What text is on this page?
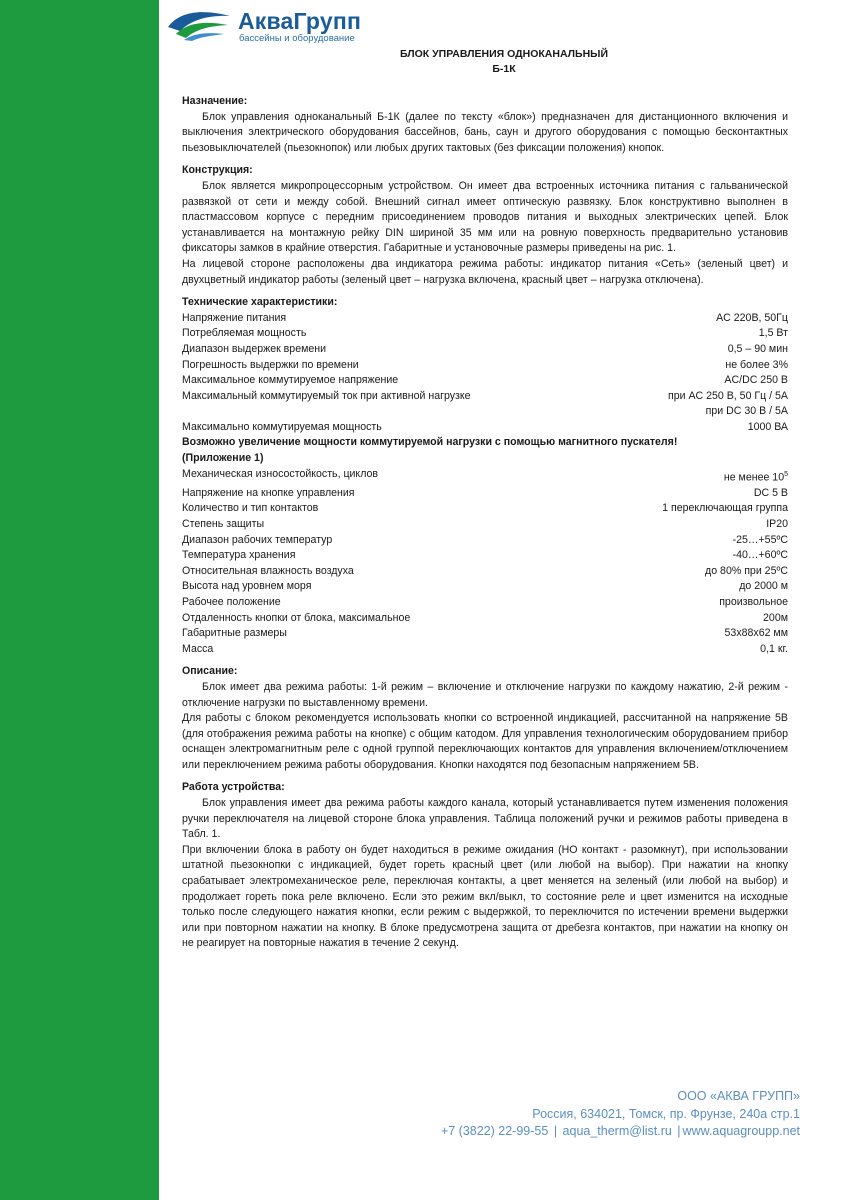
АкваГрупп
бассейны и оборудование
БЛОК УПРАВЛЕНИЯ ОДНОКАНАЛЬНЫЙ
Б-1К
Назначение:
Блок управления одноканальный Б-1К (далее по тексту «блок») предназначен для дистанционного включения и выключения электрического оборудования бассейнов, бань, саун и другого оборудования с помощью бесконтактных пьезовыключателей (пьезокнопок) или любых других тактовых (без фиксации положения) кнопок.
Конструкция:
Блок является микропроцессорным устройством. Он имеет два встроенных источника питания с гальванической развязкой от сети и между собой. Внешний сигнал имеет оптическую развязку. Блок конструктивно выполнен в пластмассовом корпусе с передним присоединением проводов питания и выходных электрических цепей. Блок устанавливается на монтажную рейку DIN шириной 35 мм или на ровную поверхность предварительно установив фиксаторы замков в крайние отверстия. Габаритные и установочные размеры приведены на рис. 1.
На лицевой стороне расположены два индикатора режима работы: индикатор питания «Сеть» (зеленый цвет) и двухцветный индикатор работы (зеленый цвет – нагрузка включена, красный цвет – нагрузка отключена).
Технические характеристики:
Напряжение питания	AC 220В, 50Гц
Потребляемая мощность	1,5 Вт
Диапазон выдержек времени	0,5 – 90 мин
Погрешность выдержки по времени	не более 3%
Максимальное коммутируемое напряжение	AC/DC 250 В
Максимальный коммутируемый ток при активной нагрузке	при AC 250 В, 50 Гц / 5А
при DC 30 В / 5А
Максимально коммутируемая мощность	1000 ВА
Возможно увеличение мощности коммутируемой нагрузки с помощью магнитного пускателя!
(Приложение 1)
Механическая износостойкость, циклов	не менее $10^5$
Напряжение на кнопке управления	DC 5 В
Количество и тип контактов	1 переключающая группа
Степень защиты	IP20
Диапазон рабочих температур	-25…+55ºС
Температура хранения	-40…+60ºС
Относительная влажность воздуха	до 80% при 25ºС
Высота над уровнем моря	до 2000 м
Рабочее положение	произвольное
Отдаленность кнопки от блока, максимальное	200м
Габаритные размеры	53х88х62 мм
Масса	0,1 кг.
Описание:
Блок имеет два режима работы: 1-й режим – включение и отключение нагрузки по каждому нажатию, 2-й режим - отключение нагрузки по выставленному времени.
Для работы с блоком рекомендуется использовать кнопки со встроенной индикацией, рассчитанной на напряжение 5В (для отображения режима работы на кнопке) с общим катодом. Для управления технологическим оборудованием прибор оснащен электромагнитным реле с одной группой переключающих контактов для управления включением/отключением или переключением режима работы оборудования. Кнопки находятся под безопасным напряжением 5В.
Работа устройства:
Блок управления имеет два режима работы каждого канала, который устанавливается путем изменения положения ручки переключателя на лицевой стороне блока управления. Таблица положений ручки и режимов работы приведена в Табл. 1.
При включении блока в работу он будет находиться в режиме ожидания (НО контакт - разомкнут), при использовании штатной пьезокнопки с индикацией, будет гореть красный цвет (или любой на выбор). При нажатии на кнопку срабатывает электромеханическое реле, переключая контакты, а цвет меняется на зеленый (или любой на выбор) и продолжает гореть пока реле включено. Если это режим вкл/выкл, то состояние реле и цвет изменится на исходные только после следующего нажатия кнопки, если режим с выдержкой, то переключится по истечении времени выдержки или при повторном нажатии на кнопку. В блоке предусмотрена защита от дребезга контактов, при нажатии на кнопку он не реагирует на повторные нажатия в течение 2 секунд.
ООО «АКВА ГРУПП»
Россия, 634021, Томск, пр. Фрунзе, 240а стр.1
+7 (3822) 22-99-55 | aqua_therm@list.ru | www.aquagroupp.net
